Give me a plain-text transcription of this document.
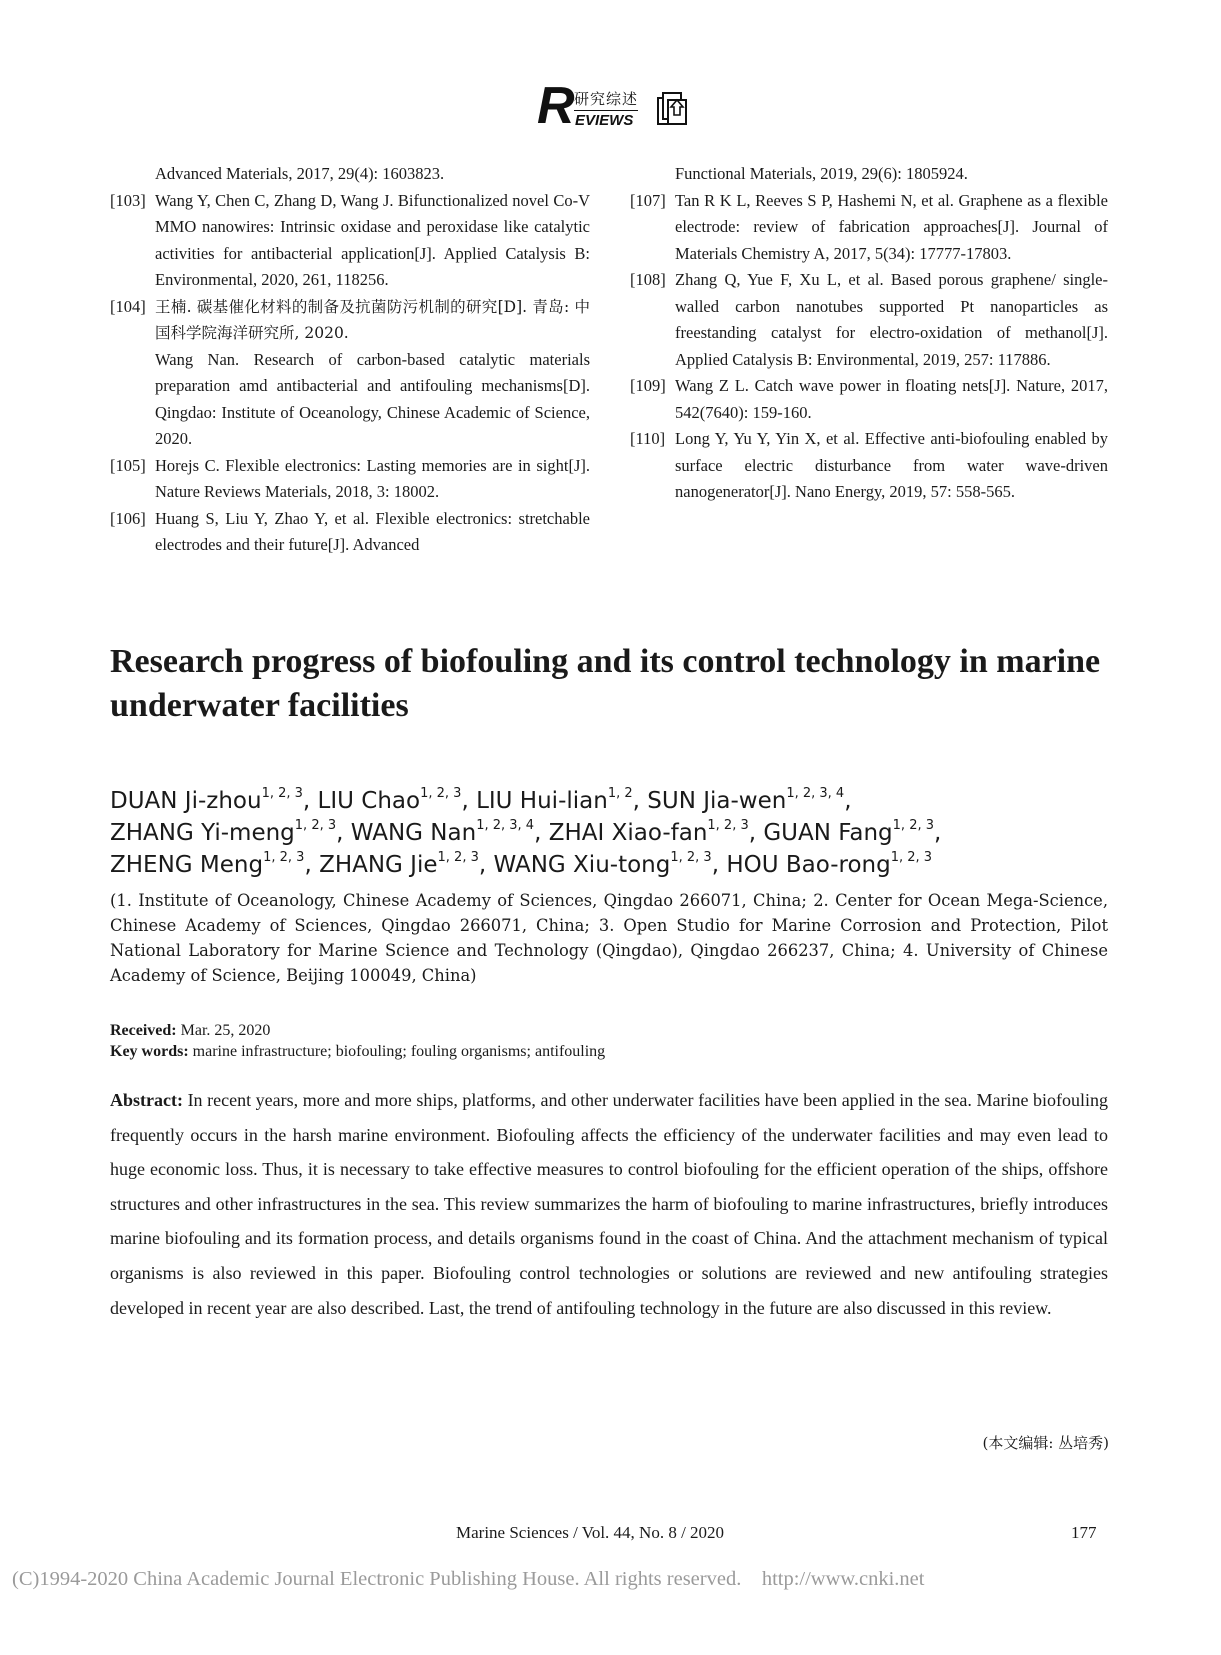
R 研究综述
EVIEWS
Advanced Materials, 2017, 29(4): 1603823.
[103] Wang Y, Chen C, Zhang D, Wang J. Bifunctionalized novel Co-V MMO nanowires: Intrinsic oxidase and peroxidase like catalytic activities for antibacterial application[J]. Applied Catalysis B: Environmental, 2020, 261, 118256.
[104] 王楠. 碳基催化材料的制备及抗菌防污机制的研究[D]. 青岛: 中国科学院海洋研究所, 2020.
Wang Nan. Research of carbon-based catalytic materials preparation amd antibacterial and antifouling mechanisms[D]. Qingdao: Institute of Oceanology, Chinese Academic of Science, 2020.
[105] Horejs C. Flexible electronics: Lasting memories are in sight[J]. Nature Reviews Materials, 2018, 3: 18002.
[106] Huang S, Liu Y, Zhao Y, et al. Flexible electronics: stretchable electrodes and their future[J]. Advanced
Functional Materials, 2019, 29(6): 1805924.
[107] Tan R K L, Reeves S P, Hashemi N, et al. Graphene as a flexible electrode: review of fabrication approaches[J]. Journal of Materials Chemistry A, 2017, 5(34): 17777-17803.
[108] Zhang Q, Yue F, Xu L, et al. Based porous graphene/ single-walled carbon nanotubes supported Pt nanoparticles as freestanding catalyst for electro-oxidation of methanol[J]. Applied Catalysis B: Environmental, 2019, 257: 117886.
[109] Wang Z L. Catch wave power in floating nets[J]. Nature, 2017, 542(7640): 159-160.
[110] Long Y, Yu Y, Yin X, et al. Effective anti-biofouling enabled by surface electric disturbance from water wave-driven nanogenerator[J]. Nano Energy, 2019, 57: 558-565.
Research progress of biofouling and its control technology in marine underwater facilities
DUAN Ji-zhou$^{1, 2, 3}$, LIU Chao$^{1, 2, 3}$, LIU Hui-lian$^{1, 2}$, SUN Jia-wen$^{1, 2, 3, 4}$,
ZHANG Yi-meng$^{1, 2, 3}$, WANG Nan$^{1, 2, 3, 4}$, ZHAI Xiao-fan$^{1, 2, 3}$, GUAN Fang$^{1, 2, 3}$,
ZHENG Meng$^{1, 2, 3}$, ZHANG Jie$^{1, 2, 3}$, WANG Xiu-tong$^{1, 2, 3}$, HOU Bao-rong$^{1, 2, 3}$
(1. Institute of Oceanology, Chinese Academy of Sciences, Qingdao 266071, China; 2. Center for Ocean Mega-Science, Chinese Academy of Sciences, Qingdao 266071, China; 3. Open Studio for Marine Corrosion and Protection, Pilot National Laboratory for Marine Science and Technology (Qingdao), Qingdao 266237, China; 4. University of Chinese Academy of Science, Beijing 100049, China)
Received: Mar. 25, 2020
Key words: marine infrastructure; biofouling; fouling organisms; antifouling
Abstract: In recent years, more and more ships, platforms, and other underwater facilities have been applied in the sea. Marine biofouling frequently occurs in the harsh marine environment. Biofouling affects the efficiency of the underwater facilities and may even lead to huge economic loss. Thus, it is necessary to take effective measures to control biofouling for the efficient operation of the ships, offshore structures and other infrastructures in the sea. This review summarizes the harm of biofouling to marine infrastructures, briefly introduces marine biofouling and its formation process, and details organisms found in the coast of China. And the attachment mechanism of typical organisms is also reviewed in this paper. Biofouling control technologies or solutions are reviewed and new antifouling strategies developed in recent year are also described. Last, the trend of antifouling technology in the future are also discussed in this review.
(本文编辑: 丛培秀)
Marine Sciences / Vol. 44, No. 8 / 2020	177
(C)1994-2020 China Academic Journal Electronic Publishing House. All rights reserved.    http://www.cnki.net
